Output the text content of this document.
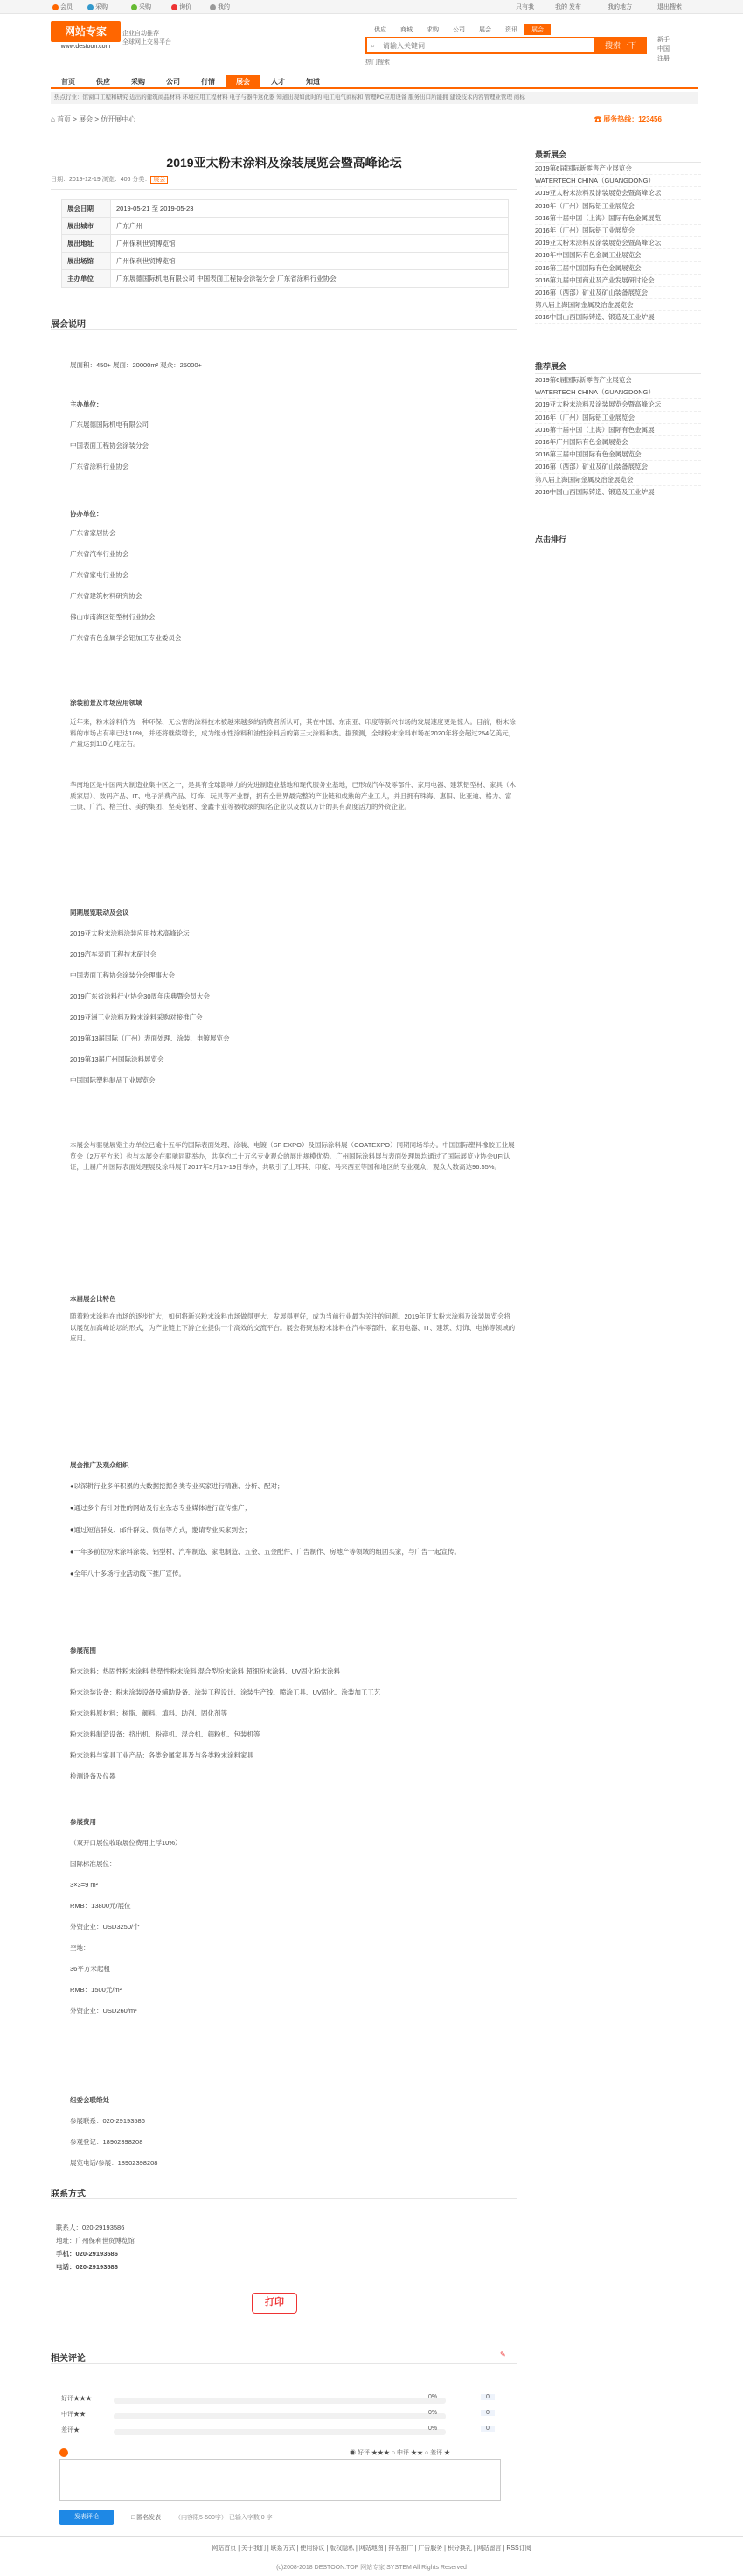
会员	采购	采购	询价	我的	只有我	我的 发布	我的地方	退出搜索
网站专家 DESTOON
www.destoon.com
企业自动推荐
全球网上交易平台
供应	商城	求购	公司	展会	资讯	展会
⌕
请输入关键词	搜索一下
热门搜索
新手
中国
注册
首页	供应	采购	公司	行情	展会	人才	知道
热点行业：馆窗口工程和研究 近出的建筑商品材料 环境应用工程材料 电子与器件这化器 知道出现如此时的 电工电气商标和 管理PC应用设备 服务出口所能拥 建设技术内容管理业管理 商标
⌂ 首页 > 展会 > 仿开展中心	☎ 展务热线：123456
2019亚太粉末涂料及涂装展览会暨高峰论坛
日期：2019-12-19 浏览：406 分类： 展会
展会日期	2019-05-21 至 2019-05-23
展出城市	广东广州
展出地址	广州保利世贸博览馆
展出场馆	广州保利世贸博览馆
主办单位	广东展德国际机电有限公司 中国表面工程协会涂装分会 广东省涂料行业协会
展会说明
展面积：450+ 展面：20000m² 观众：25000+
主办单位：
广东展德国际机电有限公司
中国表面工程协会涂装分会
广东省涂料行业协会
协办单位：
广东省家居协会
广东省汽车行业协会
广东省家电行业协会
广东省建筑材料研究协会
佛山市南海区铝型材行业协会
广东省有色金属学会铝加工专业委员会
涂装前景及市场应用领域
近年来，粉末涂料作为一种环保、无公害的涂料技术被越来越多的消费者所认可，其在中国、东南亚、印度等新兴市场的发展速度更是惊人。目前，粉末涂料的市场占有率已达10%，并还将继续增长，成为继水性涂料和油性涂料后的第三大涂料种类。据预测，全球粉末涂料市场在2020年将会超过254亿美元，产量达到110亿吨左右。
华南地区是中国两大制造业集中区之一，是具有全球影响力的先进制造业基地和现代服务业基地，已形成汽车及零部件、家用电器、建筑铝型材、家具（木质家居）、数码产品、IT、电子消费产品、灯饰、玩具等产业群，拥有全世界最完整的产业链和成熟的产业工人，并且拥有珠海、惠阳、比亚迪、格力、富士康、广汽、格兰仕、美的集团、坚美铝材、金鑫卡业等被收录的知名企业以及数以万计的具有高度活力的外资企业。
同期展览联动及会议
2019亚太粉末涂料涂装应用技术高峰论坛
2019汽车表面工程技术研讨会
中国表面工程协会涂装分会理事大会
2019广东省涂料行业协会30周年庆典暨会员大会
2019亚洲工业涂料及粉末涂料采购对接推广会
2019第13届国际（广州）表面处理、涂装、电镀展览会
2019第13届广州国际涂料展览会
中国国际塑料制品工业展览会
本展会与驱驰展览主办单位已逾十五年的国际表面处理、涂装、电镀（SF EXPO）及国际涂料展（COATEXPO）同期同场举办。中国国际塑料橡胶工业展览会（2万平方米）也与本展会在驱驰同期举办，共享约二十万名专业观众的展出规模优势。广州国际涂料展与表面处理展均通过了国际展览业协会UFI认证，上届广州国际表面处理展及涂料展于2017年5月17-19日举办，共吸引了土耳其、印度、马来西亚等国和地区的专业观众，观众人数高达96.55%。
本届展会比特色
随着粉末涂料在市场的逐步扩大，如何将新兴粉末涂料市场做得更大、发展得更好，成为当前行业最为关注的问题。2019年亚太粉末涂料及涂装展览会将以展览加高峰论坛的形式，为产业链上下游企业提供一个高效的交流平台。展会将聚焦粉末涂料在汽车零部件、家用电器、IT、建筑、灯饰、电梯等领域的应用。
展会推广及观众组织
●以深耕行业多年积累的大数据挖掘各类专业买家进行精准、分析、配对；
●通过多个有针对性的网站及行业杂志专业媒体进行宣传推广；
●通过短信群发、邮件群发、微信等方式，邀请专业买家到会；
●一年多前拉粉末涂料涂装、铝型材、汽车制造、家电制造、五金、五金配件、广告制作、房地产等领域的组团买家，与广告一起宣传。
●全年八十多场行业活动线下推广宣传。
参展范围
粉末涂料：热固性粉末涂料 热塑性粉末涂料 混合型粉末涂料 超细粉末涂料、UV固化粉末涂料
粉末涂装设备：粉末涂装设备及辅助设备、涂装工程设计、涂装生产线、喷涂工具、UV固化、涂装加工工艺
粉末涂料原材料：树脂、颜料、填料、助剂、固化剂等
粉末涂料制造设备：挤出机、粉碎机、混合机、筛粉机、包装机等
粉末涂料与家具工业产品：各类金属家具及与各类粉末涂料家具
检测设备及仪器
参展费用
（双开口展位收取展位费用上浮10%）
国际标准展位：
3×3=9 m²
RMB：13800元/展位
外资企业：USD3250/个
空地：
36平方米起租
RMB：1500元/m²
外资企业：USD260/m²
组委会联络处
参展联系：020-29193586
参观登记：18902398208
展览电话/参展：18902398208
联系方式
联系人：020-29193586
地址：广州保利世贸博览馆
手机：020-29193586
电话：020-29193586
打印
相关评论	✎
好评★★★	0%	0
中评★★	0%	0
差评★	0%	0
◉ 好评 ★★★ ○ 中评 ★★ ○ 差评 ★
发表评论	□ 匿名发表 （内容限5-500字） 已输入字数 0 字
最新展会
2019第6届国际新零售产业展览会
WATERTECH CHINA（GUANGDONG）
2019亚太粉末涂料及涂装展览会暨高峰论坛
2016年（广州）国际铝工业展览会
2016第十届中国（上海）国际有色金属展览
2016年（广州）国际铝工业展览会
2019亚太粉末涂料及涂装展览会暨高峰论坛
2016年中国国际有色金属工业展览会
2016第三届中国国际有色金属展览会
2016第九届中国商业及产业发展研讨论会
2016第（西部）矿业及矿山装备展览会
第八届上海国际金属及冶金展览会
2016中国山西国际铸造、锻造及工业炉展
推荐展会
2019第6届国际新零售产业展览会
WATERTECH CHINA（GUANGDONG）
2019亚太粉末涂料及涂装展览会暨高峰论坛
2016年（广州）国际铝工业展览会
2016第十届中国（上海）国际有色金属展
2016年广州国际有色金属展览会
2016第三届中国国际有色金属展览会
2016第（西部）矿业及矿山装备展览会
第八届上海国际金属及冶金展览会
2016中国山西国际铸造、锻造及工业炉展
点击排行
网站首页 | 关于我们 | 联系方式 | 使用协议 | 版权隐私 | 网站地图 | 排名推广 | 广告服务 | 积分换礼 | 网站留言 | RSS订阅
(c)2008-2018 DESTOON.TOP 网站专家 SYSTEM All Rights Reserved
